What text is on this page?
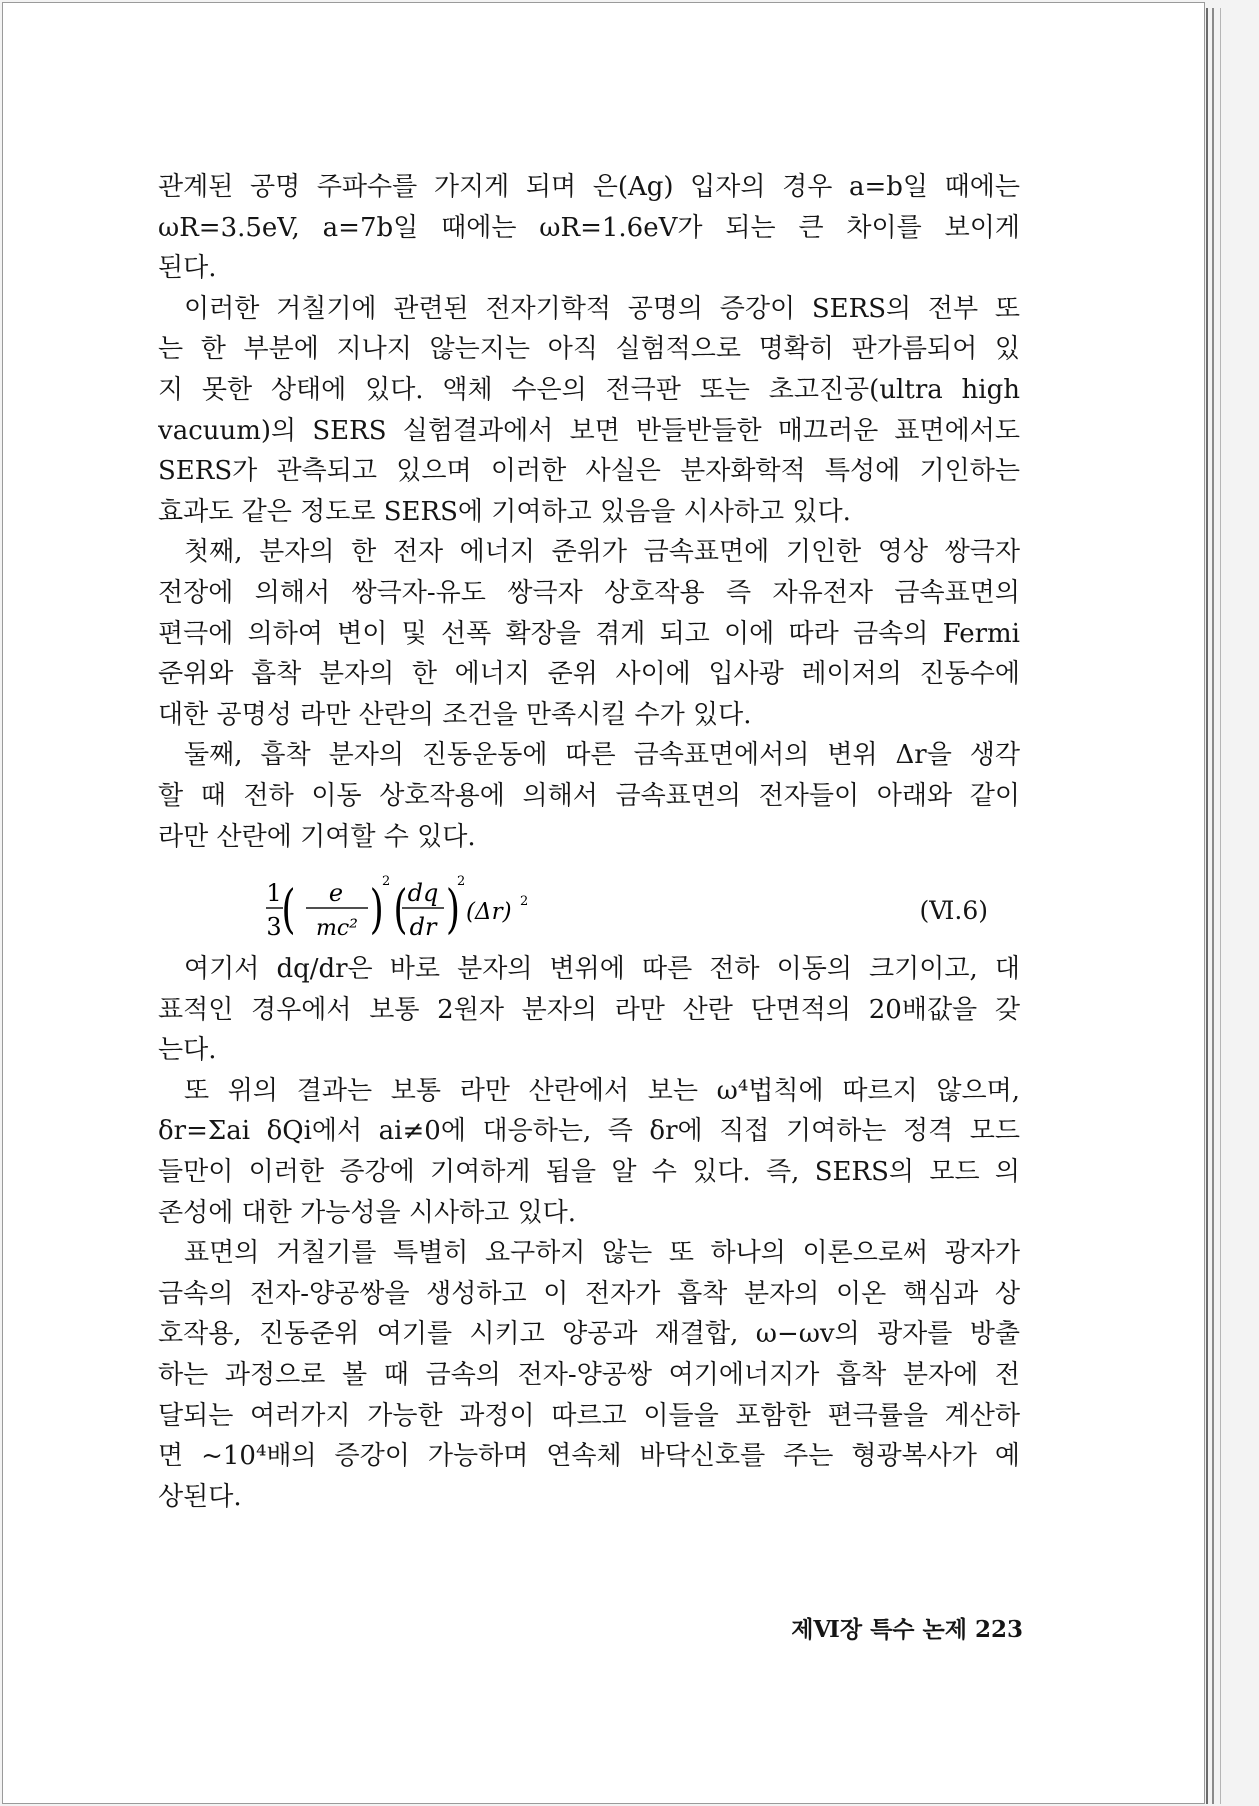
관계된 공명 주파수를 가지게 되며 은(Ag) 입자의 경우 a=b일 때에는
ωR=3.5eV, a=7b일 때에는 ωR=1.6eV가 되는 큰 차이를 보이게
된다.
이러한 거칠기에 관련된 전자기학적 공명의 증강이 SERS의 전부 또
는 한 부분에 지나지 않는지는 아직 실험적으로 명확히 판가름되어 있
지 못한 상태에 있다. 액체 수은의 전극판 또는 초고진공(ultra high
vacuum)의 SERS 실험결과에서 보면 반들반들한 매끄러운 표면에서도
SERS가 관측되고 있으며 이러한 사실은 분자화학적 특성에 기인하는
효과도 같은 정도로 SERS에 기여하고 있음을 시사하고 있다.
첫째, 분자의 한 전자 에너지 준위가 금속표면에 기인한 영상 쌍극자
전장에 의해서 쌍극자-유도 쌍극자 상호작용 즉 자유전자 금속표면의
편극에 의하여 변이 및 선폭 확장을 겪게 되고 이에 따라 금속의 Fermi
준위와 흡착 분자의 한 에너지 준위 사이에 입사광 레이저의 진동수에
대한 공명성 라만 산란의 조건을 만족시킬 수가 있다.
둘째, 흡착 분자의 진동운동에 따른 금속표면에서의 변위 Δr을 생각
할 때 전하 이동 상호작용에 의해서 금속표면의 전자들이 아래와 같이
라만 산란에 기여할 수 있다.
1
3 ( e
mc² )
2 ( dq
dr )
2
(Δr) 2	(Ⅵ.6)
여기서 dq/dr은 바로 분자의 변위에 따른 전하 이동의 크기이고, 대
표적인 경우에서 보통 2원자 분자의 라만 산란 단면적의 20배값을 갖
는다.
또 위의 결과는 보통 라만 산란에서 보는 ω⁴법칙에 따르지 않으며,
δr=Σai δQi에서 ai≠0에 대응하는, 즉 δr에 직접 기여하는 정격 모드
들만이 이러한 증강에 기여하게 됨을 알 수 있다. 즉, SERS의 모드 의
존성에 대한 가능성을 시사하고 있다.
표면의 거칠기를 특별히 요구하지 않는 또 하나의 이론으로써 광자가
금속의 전자-양공쌍을 생성하고 이 전자가 흡착 분자의 이온 핵심과 상
호작용, 진동준위 여기를 시키고 양공과 재결합, ω−ωv의 광자를 방출
하는 과정으로 볼 때 금속의 전자-양공쌍 여기에너지가 흡착 분자에 전
달되는 여러가지 가능한 과정이 따르고 이들을 포함한 편극률을 계산하
면 ~10⁴배의 증강이 가능하며 연속체 바닥신호를 주는 형광복사가 예
상된다.
제Ⅵ장 특수 논제 223
